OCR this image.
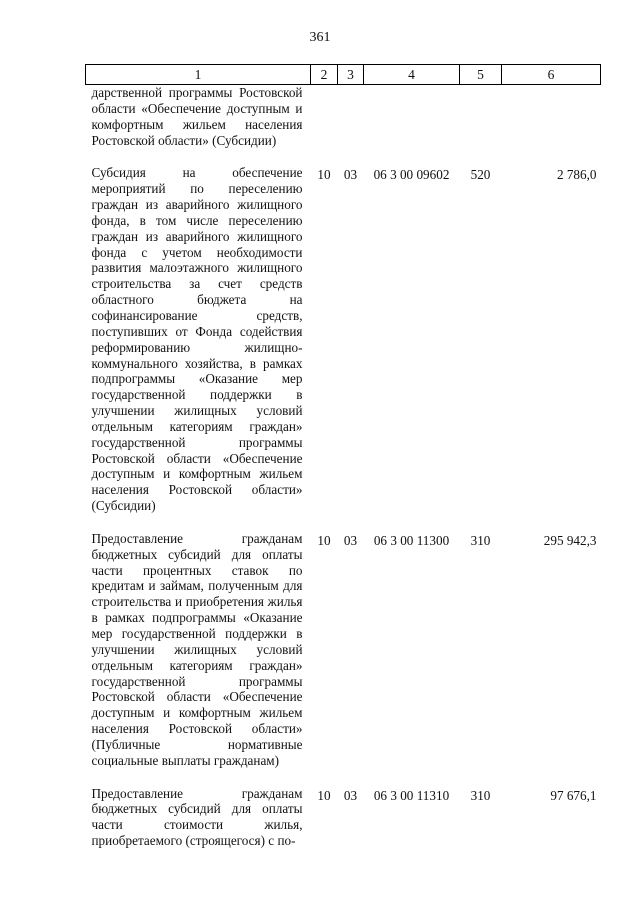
361
1	2	3	4	5	6
дарственной программы Ростовской области «Обеспечение доступным и комфортным жильем населения Ростовской области» (Субсидии)					
Субсидия на обеспечение мероприятий по переселению граждан из аварийного жилищного фонда, в том числе переселению граждан из аварийного жилищного фонда с учетом необходимости развития малоэтажного жилищного строительства за счет средств областного бюджета на софинансирование средств, поступивших от Фонда содействия реформированию жилищно-коммунального хозяйства, в рамках подпрограммы «Оказание мер государственной поддержки в улучшении жилищных условий отдельным категориям граждан» государственной программы Ростовской области «Обеспечение доступным и комфортным жильем населения Ростовской области» (Субсидии)	10	03	06 3 00 09602	520	2 786,0
Предоставление гражданам бюджетных субсидий для оплаты части процентных ставок по кредитам и займам, полученным для строительства и приобретения жилья в рамках подпрограммы «Оказание мер государственной поддержки в улучшении жилищных условий отдельным категориям граждан» государственной программы Ростовской области «Обеспечение доступным и комфортным жильем населения Ростовской области» (Публичные нормативные социальные выплаты гражданам)	10	03	06 3 00 11300	310	295 942,3
Предоставление гражданам бюджетных субсидий для оплаты части стоимости жилья, приобретаемого (строящегося) с по-	10	03	06 3 00 11310	310	97 676,1
